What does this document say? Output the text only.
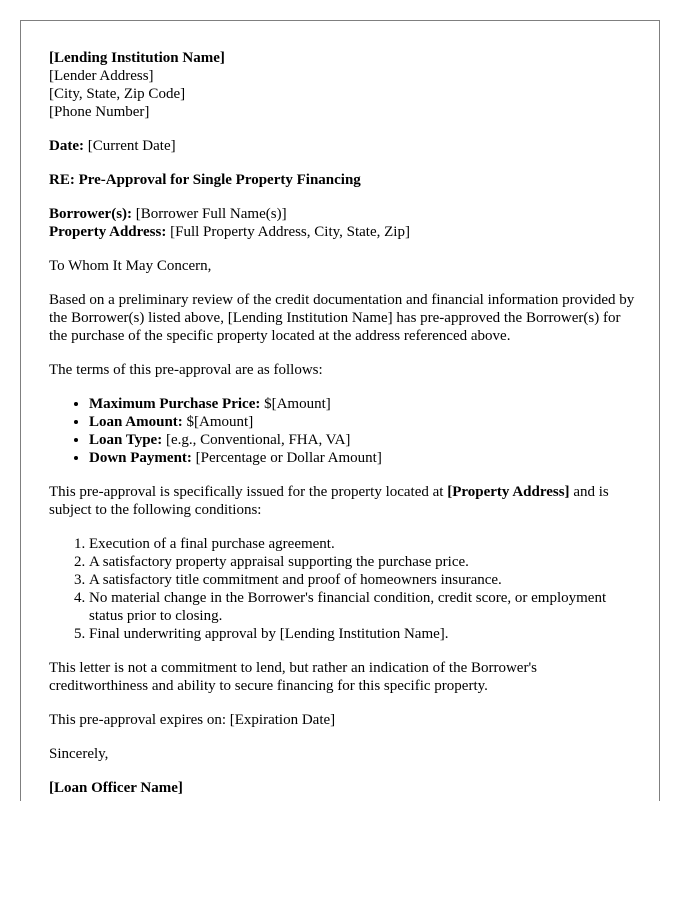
[Lending Institution Name]
[Lender Address]
[City, State, Zip Code]
[Phone Number]

Date: [Current Date]

RE: Pre-Approval for Single Property Financing

Borrower(s): [Borrower Full Name(s)]
Property Address: [Full Property Address, City, State, Zip]

To Whom It May Concern,

Based on a preliminary review of the credit documentation and financial information provided by the Borrower(s) listed above, [Lending Institution Name] has pre-approved the Borrower(s) for the purchase of the specific property located at the address referenced above.

The terms of this pre-approval are as follows:

• Maximum Purchase Price: $[Amount]
• Loan Amount: $[Amount]
• Loan Type: [e.g., Conventional, FHA, VA]
• Down Payment: [Percentage or Dollar Amount]

This pre-approval is specifically issued for the property located at [Property Address] and is subject to the following conditions:

1. Execution of a final purchase agreement.
2. A satisfactory property appraisal supporting the purchase price.
3. A satisfactory title commitment and proof of homeowners insurance.
4. No material change in the Borrower's financial condition, credit score, or employment status prior to closing.
5. Final underwriting approval by [Lending Institution Name].

This letter is not a commitment to lend, but rather an indication of the Borrower's creditworthiness and ability to secure financing for this specific property.

This pre-approval expires on: [Expiration Date]

Sincerely,

[Loan Officer Name]
